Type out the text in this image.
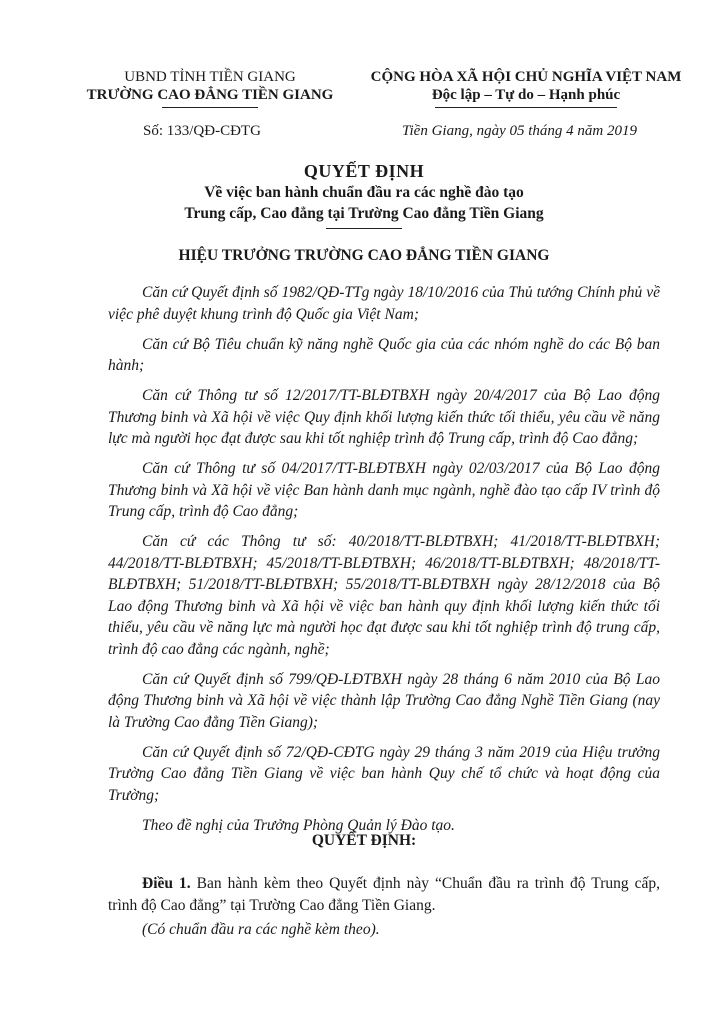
UBND TỈNH TIỀN GIANG
TRƯỜNG CAO ĐẲNG TIỀN GIANG
CỘNG HÒA XÃ HỘI CHỦ NGHĨA VIỆT NAM
Độc lập – Tự do – Hạnh phúc
Số: 133/QĐ-CĐTG	Tiền Giang, ngày 05 tháng 4 năm 2019
QUYẾT ĐỊNH
Về việc ban hành chuẩn đầu ra các nghề đào tạo
Trung cấp, Cao đẳng tại Trường Cao đẳng Tiền Giang
HIỆU TRƯỞNG TRƯỜNG CAO ĐẲNG TIỀN GIANG

Căn cứ Quyết định số 1982/QĐ-TTg ngày 18/10/2016 của Thủ tướng Chính phủ về việc phê duyệt khung trình độ Quốc gia Việt Nam;

Căn cứ Bộ Tiêu chuẩn kỹ năng nghề Quốc gia của các nhóm nghề do các Bộ ban hành;

Căn cứ Thông tư số 12/2017/TT-BLĐTBXH ngày 20/4/2017 của Bộ Lao động Thương binh và Xã hội về việc Quy định khối lượng kiến thức tối thiểu, yêu cầu về năng lực mà người học đạt được sau khi tốt nghiệp trình độ Trung cấp, trình độ Cao đẳng;

Căn cứ Thông tư số 04/2017/TT-BLĐTBXH ngày 02/03/2017 của Bộ Lao động Thương binh và Xã hội về việc Ban hành danh mục ngành, nghề đào tạo cấp IV trình độ Trung cấp, trình độ Cao đẳng;

Căn cứ các Thông tư số: 40/2018/TT-BLĐTBXH; 41/2018/TT-BLĐTBXH; 44/2018/TT-BLĐTBXH; 45/2018/TT-BLĐTBXH; 46/2018/TT-BLĐTBXH; 48/2018/TT-BLĐTBXH; 51/2018/TT-BLĐTBXH; 55/2018/TT-BLĐTBXH ngày 28/12/2018 của Bộ Lao động Thương binh và Xã hội về việc ban hành quy định khối lượng kiến thức tối thiểu, yêu cầu về năng lực mà người học đạt được sau khi tốt nghiệp trình độ trung cấp, trình độ cao đẳng các ngành, nghề;

Căn cứ Quyết định số 799/QĐ-LĐTBXH ngày 28 tháng 6 năm 2010 của Bộ Lao động Thương binh và Xã hội về việc thành lập Trường Cao đẳng Nghề Tiền Giang (nay là Trường Cao đẳng Tiền Giang);

Căn cứ Quyết định số 72/QĐ-CĐTG ngày 29 tháng 3 năm 2019 của Hiệu trưởng Trường Cao đẳng Tiền Giang về việc ban hành Quy chế tổ chức và hoạt động của Trường;

Theo đề nghị của Trưởng Phòng Quản lý Đào tạo.

QUYẾT ĐỊNH:

Điều 1. Ban hành kèm theo Quyết định này “Chuẩn đầu ra trình độ Trung cấp, trình độ Cao đẳng” tại Trường Cao đẳng Tiền Giang.

(Có chuẩn đầu ra các nghề kèm theo).
